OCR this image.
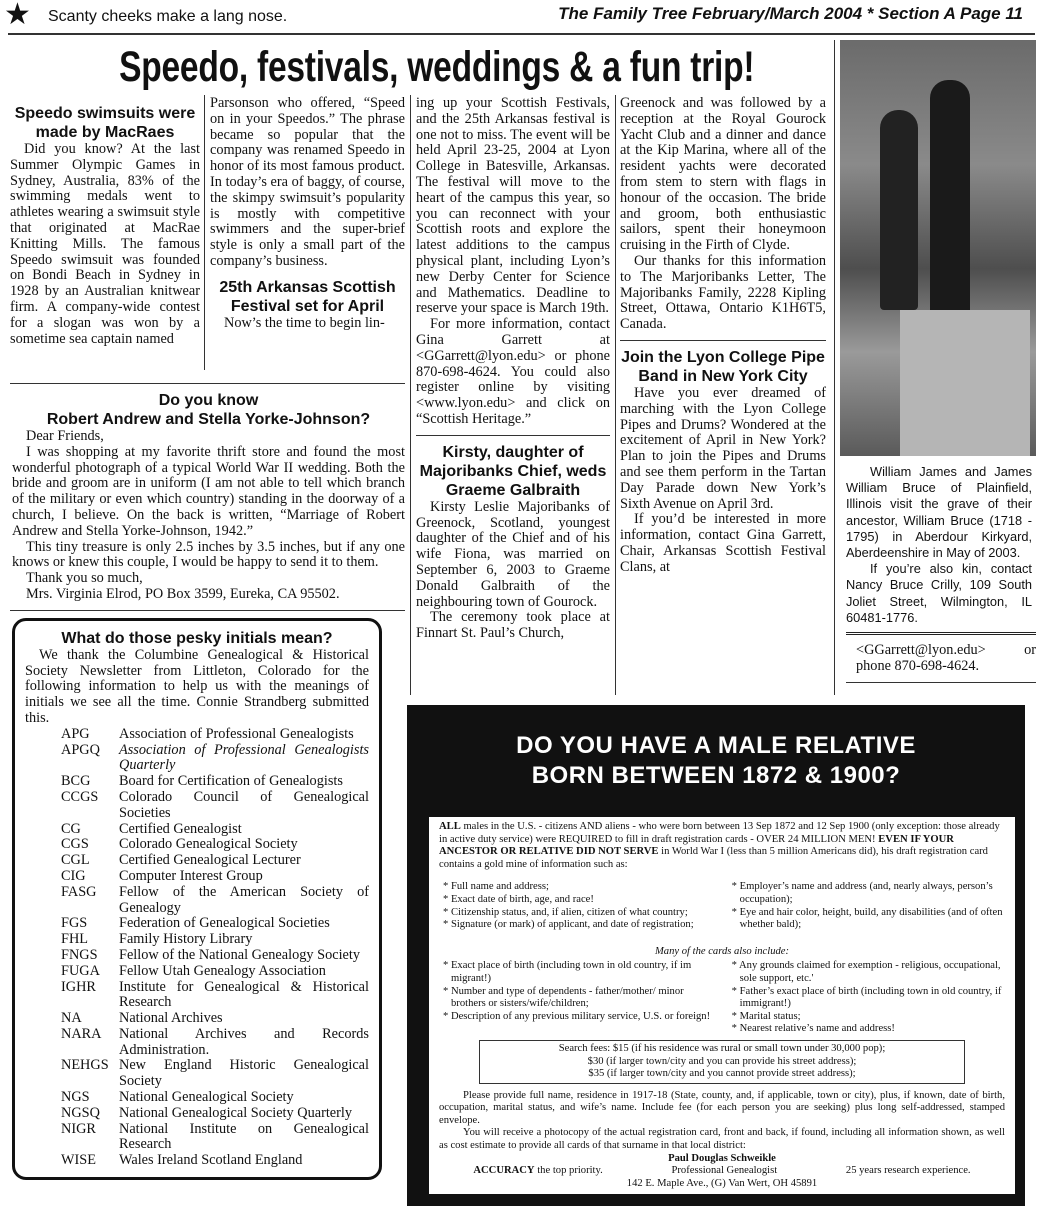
★ Scanty cheeks make a lang nose.	The Family Tree February/March 2004 * Section A Page 11
Speedo, festivals, weddings & a fun trip!
Speedo swimsuits were made by MacRaes

Did you know? At the last Summer Olympic Games in Sydney, Australia, 83% of the swimming medals went to athletes wearing a swimsuit style that originated at MacRae Knitting Mills. The famous Speedo swimsuit was founded on Bondi Beach in Sydney in 1928 by an Australian knitwear firm. A company-wide contest for a slogan was won by a sometime sea captain named

Parsonson who offered, “Speed on in your Speedos.” The phrase became so popular that the company was renamed Speedo in honor of its most famous product. In today’s era of baggy, of course, the skimpy swimsuit’s popularity is mostly with competitive swimmers and the super-brief style is only a small part of the company’s business.

25th Arkansas Scottish Festival set for April

Now’s the time to begin lin-

ing up your Scottish Festivals, and the 25th Arkansas festival is one not to miss. The event will be held April 23-25, 2004 at Lyon College in Batesville, Arkansas. The festival will move to the heart of the campus this year, so you can reconnect with your Scottish roots and explore the latest additions to the campus physical plant, including Lyon’s new Derby Center for Science and Mathematics. Deadline to reserve your space is March 19th.

For more information, contact Gina Garrett at <GGarrett@lyon.edu> or phone 870-698-4624. You could also register online by visiting <www.lyon.edu> and click on “Scottish Heritage.”

Kirsty, daughter of Majoribanks Chief, weds Graeme Galbraith

Kirsty Leslie Majoribanks of Greenock, Scotland, youngest daughter of the Chief and of his wife Fiona, was married on September 6, 2003 to Graeme Donald Galbraith of the neighbouring town of Gourock.

The ceremony took place at Finnart St. Paul’s Church,

Greenock and was followed by a reception at the Royal Gourock Yacht Club and a dinner and dance at the Kip Marina, where all of the resident yachts were decorated from stem to stern with flags in honour of the occasion. The bride and groom, both enthusiastic sailors, spent their honeymoon cruising in the Firth of Clyde.

Our thanks for this information to The Marjoribanks Letter, The Majoribanks Family, 2228 Kipling Street, Ottawa, Ontario K1H6T5, Canada.

Join the Lyon College Pipe Band in New York City

Have you ever dreamed of marching with the Lyon College Pipes and Drums? Wondered at the excitement of April in New York? Plan to join the Pipes and Drums and see them perform in the Tartan Day Parade down New York’s Sixth Avenue on April 3rd.

If you’d be interested in more information, contact Gina Garrett, Chair, Arkansas Scottish Festival Clans, at

William James and James William Bruce of Plainfield, Illinois visit the grave of their ancestor, William Bruce (1718 - 1795) in Aberdour Kirkyard, Aberdeenshire in May of 2003.

If you’re also kin, contact Nancy Bruce Crilly, 109 South Joliet Street, Wilmington, IL 60481-1776.

<GGarrett@lyon.edu> or phone 870-698-4624.

Do you know
Robert Andrew and Stella Yorke-Johnson?

Dear Friends,

I was shopping at my favorite thrift store and found the most wonderful photograph of a typical World War II wedding. Both the bride and groom are in uniform (I am not able to tell which branch of the military or even which country) standing in the doorway of a church, I believe. On the back is written, “Marriage of Robert Andrew and Stella Yorke-Johnson, 1942.”

This tiny treasure is only 2.5 inches by 3.5 inches, but if any one knows or knew this couple, I would be happy to send it to them.

Thank you so much,

Mrs. Virginia Elrod, PO Box 3599, Eureka, CA 95502.

What do those pesky initials mean?

We thank the Columbine Genealogical & Historical Society Newsletter from Littleton, Colorado for the following information to help us with the meanings of initials we see all the time. Connie Strandberg submitted this.

APG	Association of Professional Genealogists
APGQ	Association of Professional Genealogists Quarterly
BCG	Board for Certification of Genealogists
CCGS	Colorado Council of Genealogical Societies
CG	Certified Genealogist
CGS	Colorado Genealogical Society
CGL	Certified Genealogical Lecturer
CIG	Computer Interest Group
FASG	Fellow of the American Society of Genealogy
FGS	Federation of Genealogical Societies
FHL	Family History Library
FNGS	Fellow of the National Genealogy Society
FUGA	Fellow Utah Genealogy Association
IGHR	Institute for Genealogical & Historical Research
NA	National Archives
NARA	National Archives and Records Administration.
NEHGS New England Historic Genealogical Society
NGS	National Genealogical Society
NGSQ	National Genealogical Society Quarterly
NIGR	National Institute on Genealogical Research
WISE	Wales Ireland Scotland England
DO YOU HAVE A MALE RELATIVE
BORN BETWEEN 1872 & 1900?

ALL males in the U.S. - citizens AND aliens - who were born between 13 Sep 1872 and 12 Sep 1900 (only exception: those already in active duty service) were REQUIRED to fill in draft registration cards - OVER 24 MILLION MEN! EVEN IF YOUR ANCESTOR OR RELATIVE DID NOT SERVE in World War I (less than 5 million Americans did), his draft registration card contains a gold mine of information such as:

* Full name and address;
* Exact date of birth, age, and race!
* Citizenship status, and, if alien, citizen of what country;
* Signature (or mark) of applicant, and date of registration;
* Employer’s name and address (and, nearly always, person’s occupation);
* Eye and hair color, height, build, any disabilities (and of often whether bald);

Many of the cards also include:

* Exact place of birth (including town in old country, if im migrant!)
* Number and type of dependents - father/mother/ minor brothers or sisters/wife/children;
* Description of any previous military service, U.S. or foreign!
* Any grounds claimed for exemption - religious, occupational, sole support, etc.'
* Father’s exact place of birth (including town in old country, if immigrant!)
* Marital status;
* Nearest relative’s name and address!
Search fees: $15 (if his residence was rural or small town under 30,000 pop);
$30 (if larger town/city and you can provide his street address);
$35 (if larger town/city and you cannot provide street address);

Please provide full name, residence in 1917-18 (State, county, and, if applicable, town or city), plus, if known, date of birth, occupation, marital status, and wife’s name. Include fee (for each person you are seeking) plus long self-addressed, stamped envelope.

You will receive a photocopy of the actual registration card, front and back, if found, including all information shown, as well as cost estimate to provide all cards of that surname in that local district:

Paul Douglas Schweikle

ACCURACY the top priority.	Professional Genealogist	25 years research experience.

142 E. Maple Ave., (G) Van Wert, OH 45891
